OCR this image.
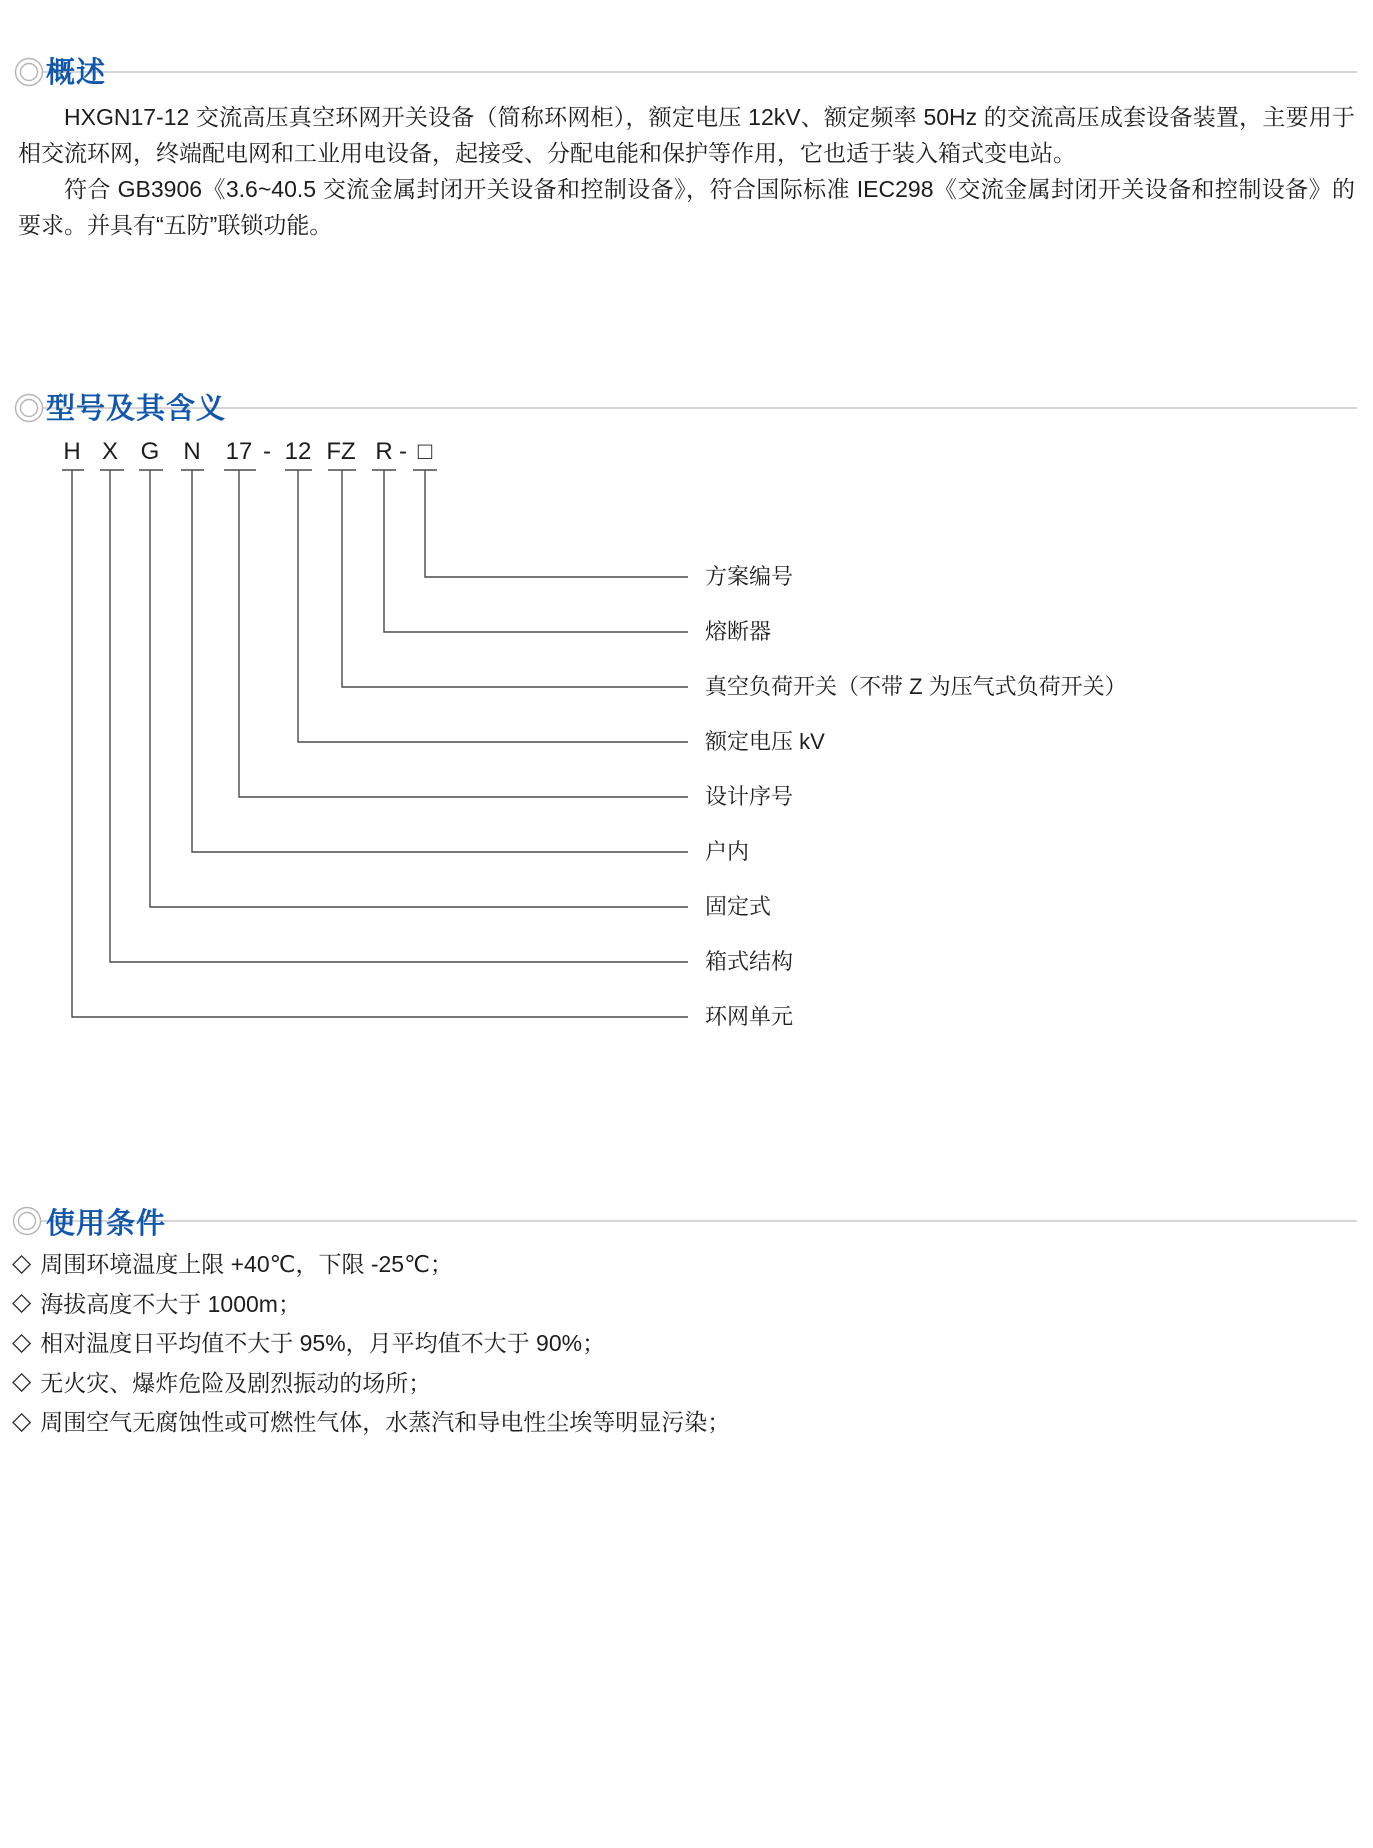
概述

HXGN17-12 交流高压真空环网开关设备（简称环网柜），额定电压 12kV、额定频率 50Hz 的交流高压成套设备装置，主要用于相交流环网，终端配电网和工业用电设备，起接受、分配电能和保护等作用，它也适于装入箱式变电站。

符合 GB3906《3.6~40.5 交流金属封闭开关设备和控制设备》，符合国际标准 IEC298《交流金属封闭开关设备和控制设备》的要求。并具有“五防”联锁功能。

型号及其含义
H X G N 17 - 12 FZ R - □
方案编号
熔断器
真空负荷开关（不带 Z 为压气式负荷开关）
额定电压 kV
设计序号
户内
固定式
箱式结构
环网单元
使用条件
◇ 周围环境温度上限 +40℃，下限 -25℃；
◇ 海拔高度不大于 1000m；
◇ 相对温度日平均值不大于 95%，月平均值不大于 90%；
◇ 无火灾、爆炸危险及剧烈振动的场所；
◇ 周围空气无腐蚀性或可燃性气体，水蒸汽和导电性尘埃等明显污染；
